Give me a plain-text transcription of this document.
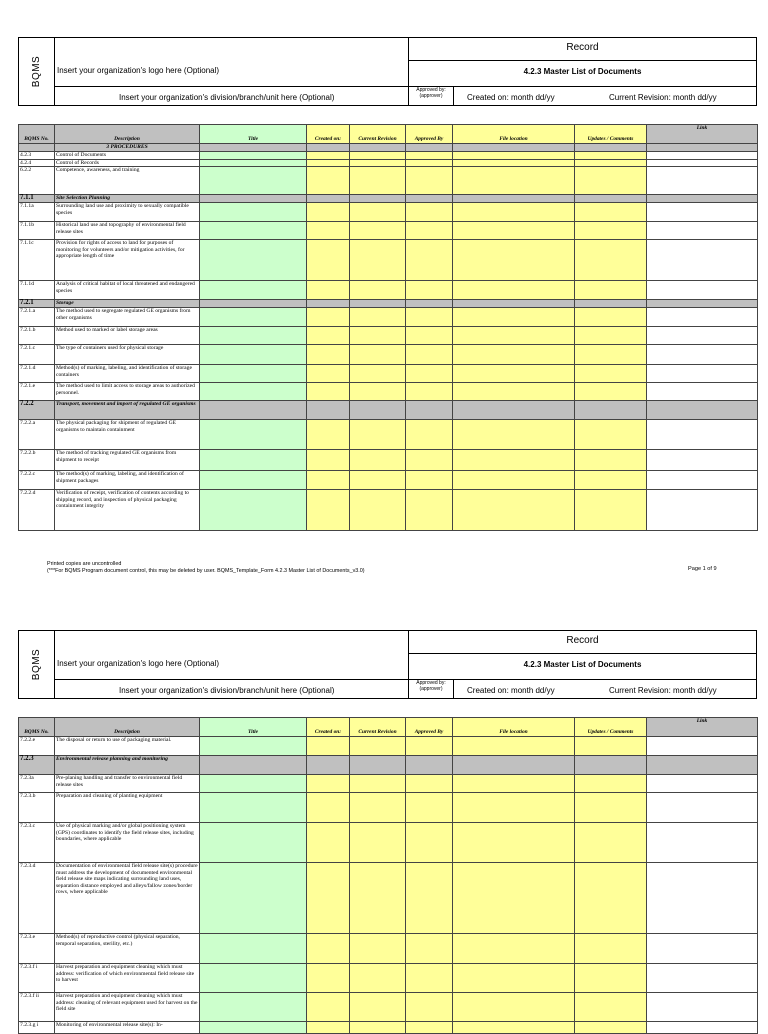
BQMS Insert your organization's logo here (Optional)
Insert your organization's division/branch/unit here (Optional)
Record
4.2.3 Master List of Documents
Approved by: (approver)	Created on: month dd/yy	Current Revision: month dd/yy
BQMS No.	Description	Title	Created on:	Current Revision	Approved By	File location	Updates / Comments	Link
	3 PROCEDURES							
4.2.3	Control of Documents							
4.2.4	Control of Records							
6.2.2	Competence, awareness, and training							
7.1.1	Site Selection Planning							
7.1.1a	Surrounding land use and proximity to sexually compatible species							
7.1.1b	Historical land use and topography of environmental field release sites							
7.1.1c	Provision for rights of access to land for purposes of monitoring for volunteers and/or mitigation activities, for appropriate length of time							
7.1.1d	Analysis of critical habitat of local threatened and endangered species							
7.2.1	Storage							
7.2.1.a	The method used to segregate regulated GE organisms from other organisms							
7.2.1.b	Method used to marked or label storage areas							
7.2.1.c	The type of containers used for physical storage							
7.2.1.d	Method(s) of marking, labeling, and identification of storage containers							
7.2.1.e	The method used to limit access to storage areas to authorized personnel.							
7.2.2	Transport, movement and import of regulated GE organisms							
7.2.2.a	The physical packaging for shipment of regulated GE organisms to maintain containment							
7.2.2.b	The method of tracking regulated GE organisms from shipment to receipt							
7.2.2.c	The method(s) of marking, labeling, and identification of shipment packages							
7.2.2.d	Verification of receipt, verification of contents according to shipping record, and inspection of physical packaging containment integrity							
Printed copies are uncontrolled
(***For BQMS Program document control, this may be deleted by user. BQMS_Template_Form 4.2.3 Master List of Documents_v3.0)	Page 1 of 9
BQMS Insert your organization's logo here (Optional)
Insert your organization's division/branch/unit here (Optional)
Record
4.2.3 Master List of Documents
Approved by: (approver)	Created on: month dd/yy	Current Revision: month dd/yy
BQMS No.	Description	Title	Created on:	Current Revision	Approved By	File location	Updates / Comments	Link
7.2.2.e	The disposal or return to use of packaging material.							
7.2.3	Environmental release planning and monitoring							
7.2.3a	Pre-planing handling and transfer to environmental field release sites							
7.2.3.b	Preparation and cleaning of planting equipment							
7.2.3.c	Use of physical marking and/or global positioning system (GPS) coordinates to identify the field release sites, including boundaries, where applicable							
7.2.3.d	Documentation of environmental field release site(s) procedure must address the development of documented environmental field release site maps indicating surrounding land uses, separation distance employed and alleys/fallow zones/border rows, where applicable							
7.2.3.e	Method(s) of reproductive control (physical separation, temporal separation, sterility, etc.)							
7.2.3.f i	Harvest preparation and equipment cleaning which must address: verification of which environmental field release site to harvest							
7.2.3.f ii	Harvest preparation and equipment cleaning which must address: cleaning of relevant equipment used for harvest on the field site							
7.2.3.g i	Monitoring of environmental release site(s): In-							
